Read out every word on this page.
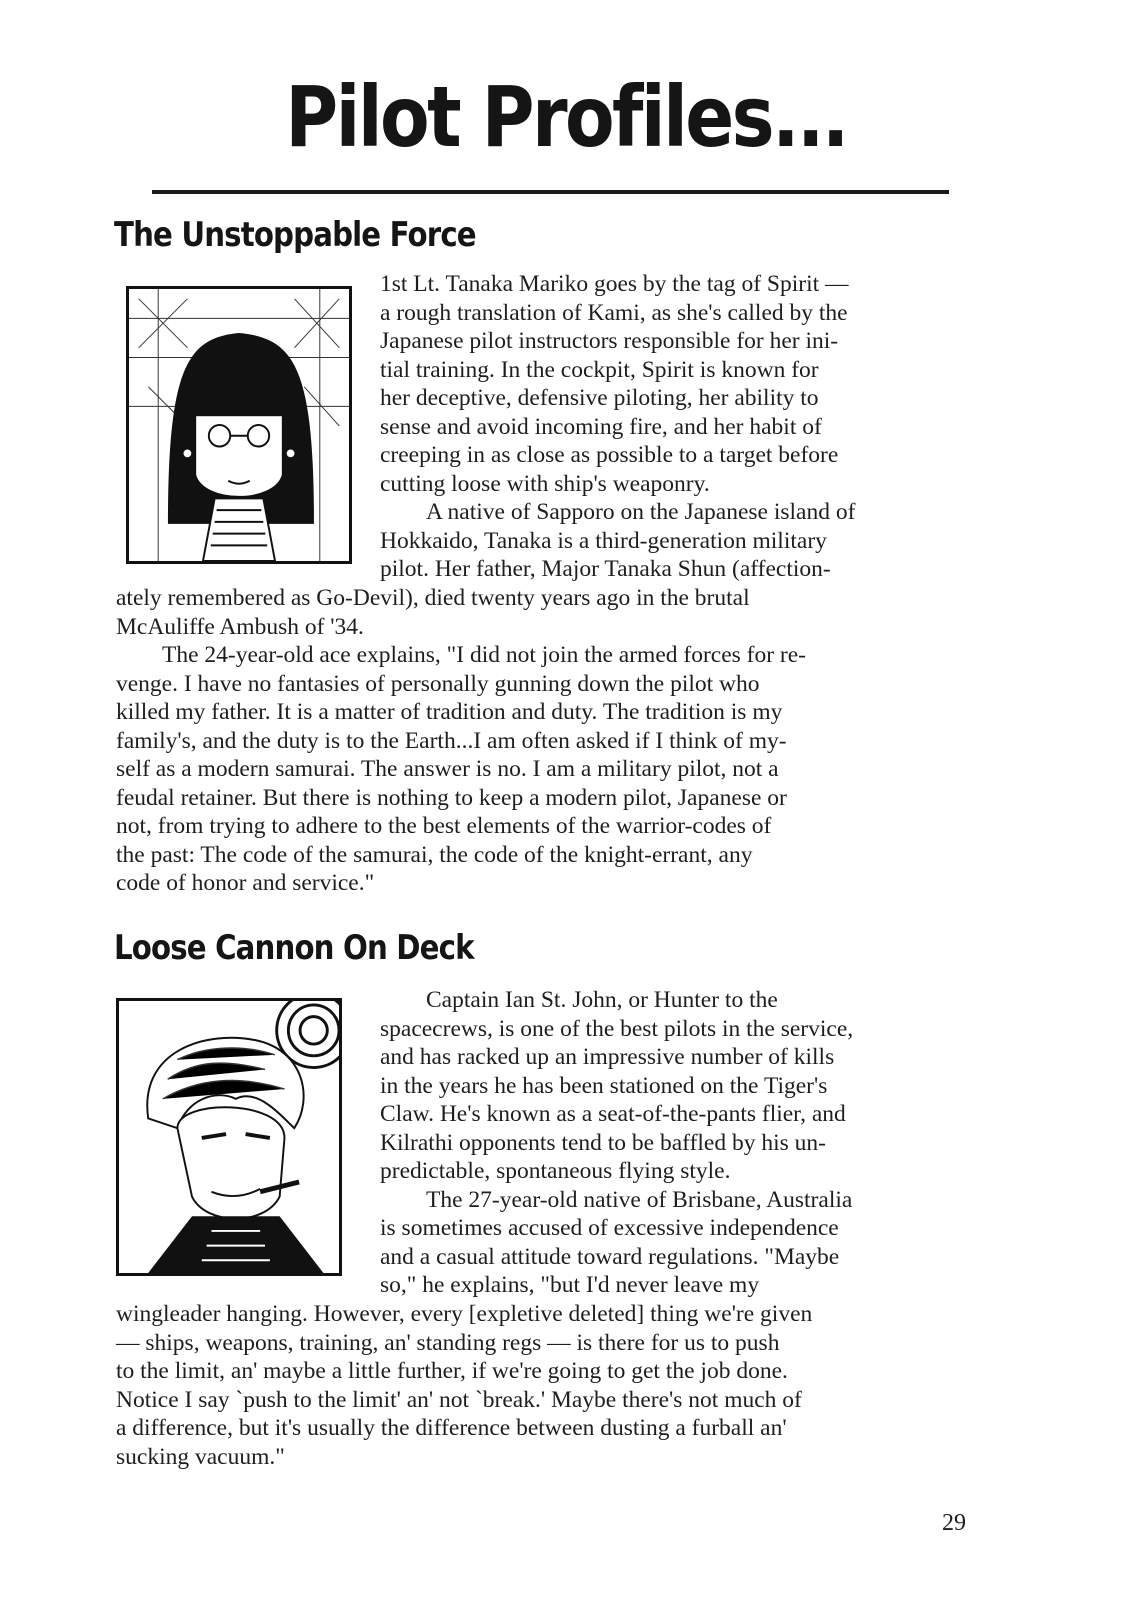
Pilot Profiles...
The Unstoppable Force
1st Lt. Tanaka Mariko goes by the tag of Spirit —
a rough translation of Kami, as she's called by the
Japanese pilot instructors responsible for her ini-
tial training. In the cockpit, Spirit is known for
her deceptive, defensive piloting, her ability to
sense and avoid incoming fire, and her habit of
creeping in as close as possible to a target before
cutting loose with ship's weaponry.
A native of Sapporo on the Japanese island of
Hokkaido, Tanaka is a third-generation military
pilot. Her father, Major Tanaka Shun (affection-
ately remembered as Go-Devil), died twenty years ago in the brutal
McAuliffe Ambush of '34.
The 24-year-old ace explains, "I did not join the armed forces for re-
venge. I have no fantasies of personally gunning down the pilot who
killed my father. It is a matter of tradition and duty. The tradition is my
family's, and the duty is to the Earth...I am often asked if I think of my-
self as a modern samurai. The answer is no. I am a military pilot, not a
feudal retainer. But there is nothing to keep a modern pilot, Japanese or
not, from trying to adhere to the best elements of the warrior-codes of
the past: The code of the samurai, the code of the knight-errant, any
code of honor and service."
Loose Cannon On Deck
Captain Ian St. John, or Hunter to the
spacecrews, is one of the best pilots in the service,
and has racked up an impressive number of kills
in the years he has been stationed on the Tiger's
Claw. He's known as a seat-of-the-pants flier, and
Kilrathi opponents tend to be baffled by his un-
predictable, spontaneous flying style.
The 27-year-old native of Brisbane, Australia
is sometimes accused of excessive independence
and a casual attitude toward regulations. "Maybe
so," he explains, "but I'd never leave my
wingleader hanging. However, every [expletive deleted] thing we're given
— ships, weapons, training, an' standing regs — is there for us to push
to the limit, an' maybe a little further, if we're going to get the job done.
Notice I say `push to the limit' an' not `break.' Maybe there's not much of
a difference, but it's usually the difference between dusting a furball an'
sucking vacuum."
29
